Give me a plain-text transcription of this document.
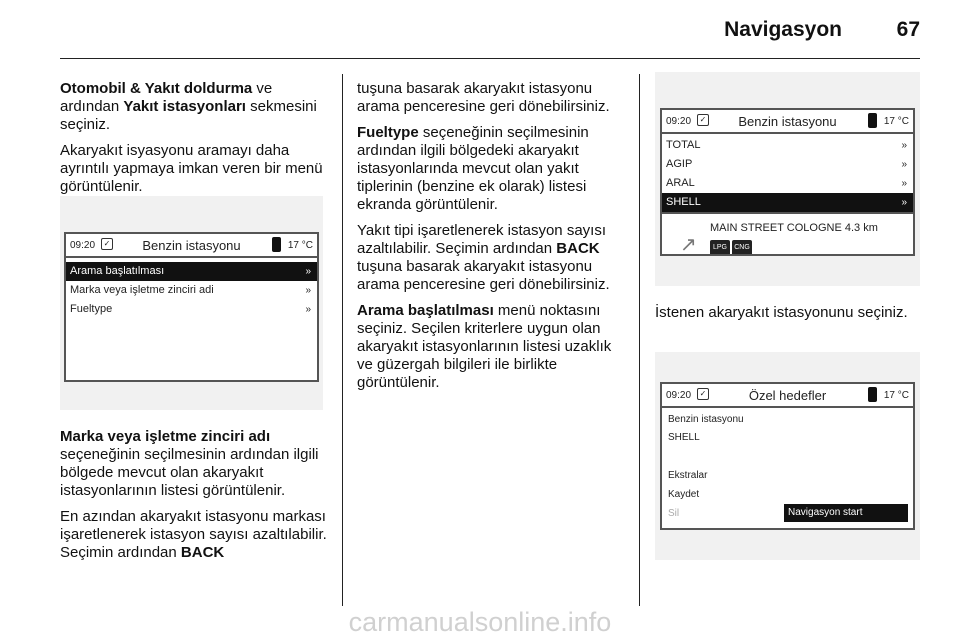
Navigasyon	67

Otomobil & Yakıt doldurma ve ardından Yakıt istasyonları sekmesini seçiniz.

Akaryakıt isyasyonu aramayı daha ayrıntılı yapmaya imkan veren bir menü görüntülenir.

09:20	✓	Benzin istasyonu	17 °C
Arama başlatılması	»
Marka veya işletme zinciri adi	»
Fueltype	»

Marka veya işletme zinciri adı seçeneğinin seçilmesinin ardından ilgili bölgede mevcut olan akaryakıt istasyonlarının listesi görüntülenir.

En azından akaryakıt istasyonu markası işaretlenerek istasyon sayısı azaltılabilir. Seçimin ardından BACK

tuşuna basarak akaryakıt istasyonu arama penceresine geri dönebilirsiniz.

Fueltype seçeneğinin seçilmesinin ardından ilgili bölgedeki akaryakıt istasyonlarında mevcut olan yakıt tiplerinin (benzine ek olarak) listesi ekranda görüntülenir.

Yakıt tipi işaretlenerek istasyon sayısı azaltılabilir. Seçimin ardından BACK tuşuna basarak akaryakıt istasyonu arama penceresine geri dönebilirsiniz.

Arama başlatılması menü noktasını seçiniz. Seçilen kriterlere uygun olan akaryakıt istasyonlarının listesi uzaklık ve güzergah bilgileri ile birlikte görüntülenir.

09:20	✓	Benzin istasyonu	17 °C
TOTAL	»
AGIP	»
ARAL	»
SHELL	»
MAIN STREET COLOGNE 4.3 km
↗	LPG	CNG

İstenen akaryakıt istasyonunu seçiniz.

09:20	✓	Özel hedefler	17 °C
Benzin istasyonu
SHELL
Ekstralar
Kaydet
Sil	Navigasyon start
carmanualsonline.info
